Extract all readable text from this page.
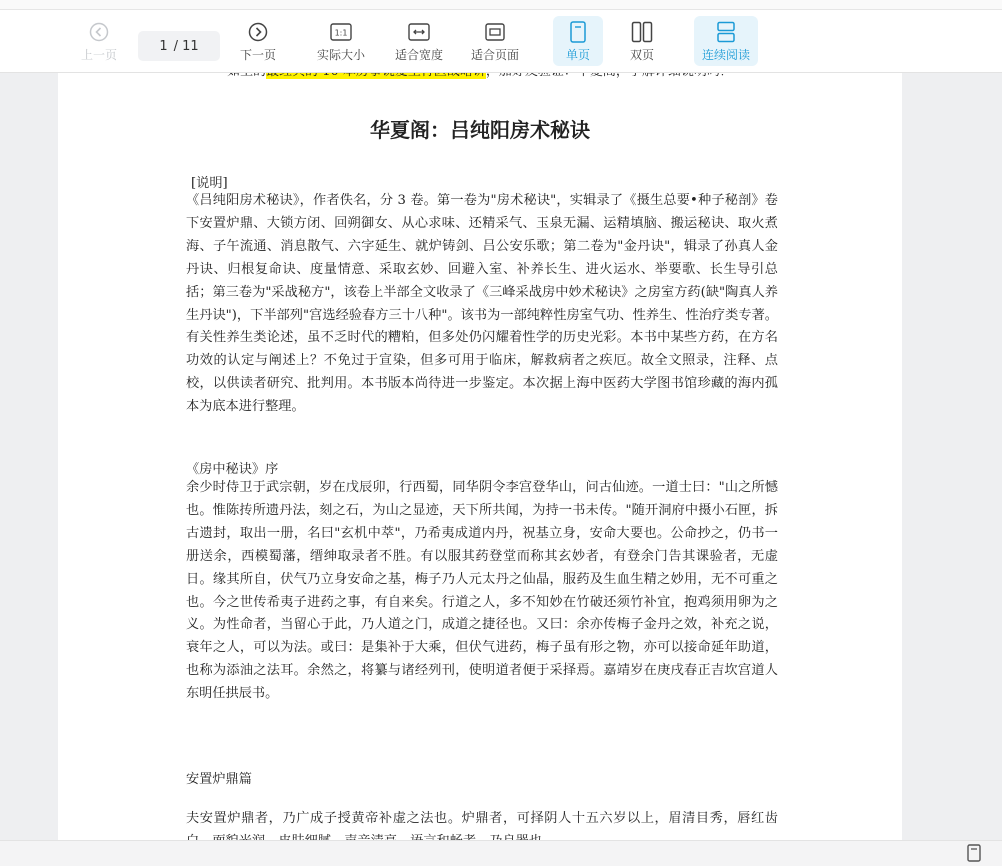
上一页
1 / 11
下一页
1:1
实际大小 适合宽度 适合页面	单页	双页	连续阅读
华夏阁：吕纯阳房术秘诀
[说明]

《吕纯阳房术秘诀》，作者佚名，分 3 卷。第一卷为"房术秘诀"，实辑录了《摄生总要•种子秘剖》卷下安置炉鼎、大锁方闭、回朔御女、从心求味、还精采气、玉泉无漏、运精填脑、搬运秘诀、取火煮海、子午流通、消息散气、六字延生、就炉铸剑、吕公安乐歌；第二卷为"金丹诀"，辑录了孙真人金丹诀、归根复命诀、度量情意、采取玄妙、回避入室、补养长生、进火运水、举要歌、长生导引总括；第三卷为"采战秘方"，该卷上半部全文收录了《三峰采战房中妙术秘诀》之房室方药(缺"陶真人养生丹诀")，下半部列"宫选经验春方三十八种"。该书为一部纯粹性房室气功、性养生、性治疗类专著。有关性养生类论述，虽不乏时代的糟粕，但多处仍闪耀着性学的历史光彩。本书中某些方药，在方名功效的认定与阐述上？不免过于宣染，但多可用于临床，解救病者之疾厄。故全文照录，注释、点校，以供读者研究、批判用。本书版本尚待进一步鉴定。本次据上海中医药大学图书馆珍藏的海内孤本为底本进行整理。

《房中秘诀》序

余少时侍卫于武宗朝，岁在戊辰卯，行西蜀，同华阴令李宫登华山，问古仙迹。一道士曰："山之所憾也。惟陈抟所遗丹法，刻之石，为山之显迹，天下所共闻，为持一书未传。"随开洞府中摄小石匣，拆古遗封，取出一册，名曰"玄机中萃"，乃希夷成道内丹，祝基立身，安命大要也。公命抄之，仍书一册送余，西模蜀藩，缙绅取录者不胜。有以服其药登堂而称其玄妙者，有登余门告其课验者，无虚日。缘其所自，伏气乃立身安命之基，梅子乃人元太丹之仙晶，服药及生血生精之妙用，无不可重之也。今之世传希夷子进药之事，有自来矣。行道之人，多不知妙在竹破还须竹补宜，抱鸡须用卵为之义。为性命者，当留心于此，乃人道之门，成道之捷径也。又曰：余亦传梅子金丹之效，补充之说，衰年之人，可以为法。或曰：是集补于大乘，但伏气进药，梅子虽有形之物，亦可以接命延年助道，也称为添油之法耳。余然之，将纂与诸经列刊，使明道者便于采择焉。嘉靖岁在庚戌春正吉坎宫道人东明任拱辰书。

安置炉鼎篇

夫安置炉鼎者，乃广成子授黄帝补虚之法也。炉鼎者，可择阴人十五六岁以上，眉清目秀，唇红齿
